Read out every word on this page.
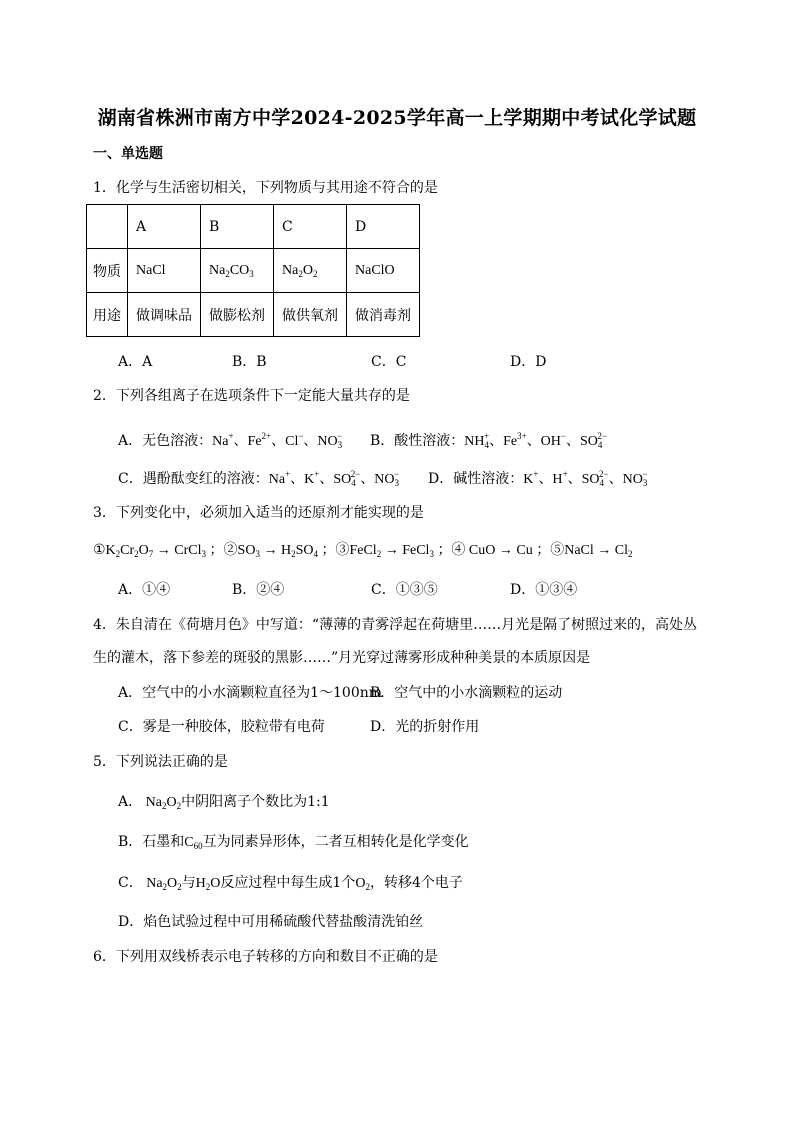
湖南省株洲市南方中学2024-2025学年高一上学期期中考试化学试题
一、单选题
1．化学与生活密切相关，下列物质与其用途不符合的是
	A	B	C	D
物质	NaCl	$Na_2CO_3$	$Na_2O_2$	NaClO
用途	做调味品	做膨松剂	做供氧剂	做消毒剂
A．A	B．B	C．C	D．D
2．下列各组离子在选项条件下一定能大量共存的是
A．无色溶液：Na+、$Fe^{2+}$、Cl−、$NO_3^-$ B．酸性溶液：$NH_4^+$、$Fe^{3+}$、OH−、$SO_4^{2-}$
C．遇酚酞变红的溶液：Na+、K+、$SO_4^{2-}$、$NO_3^-$ D．碱性溶液：K+、H+、$SO_4^{2-}$、$NO_3^-$
3．下列变化中，必须加入适当的还原剂才能实现的是
$①K_2Cr_2O_7$ → CrCl$_3$ ；$②SO_3 \to H_2SO_4$ ；③FeCl$_2$ → FeCl$_3$ ；④ CuO → Cu ；⑤NaCl → $Cl_2$
A．①④	B．②④	C．①③⑤	D．①③④
4．朱自清在《荷塘月色》中写道：“薄薄的青雾浮起在荷塘里……月光是隔了树照过来的，高处丛
生的灌木，落下参差的斑驳的黑影……”月光穿过薄雾形成种种美景的本质原因是
A．空气中的小水滴颗粒直径为1～100nm
B．空气中的小水滴颗粒的运动
C．雾是一种胶体，胶粒带有电荷	D．光的折射作用
5．下列说法正确的是
A． $Na_2O_2$中阴阳离子个数比为1:1
B．石墨和$C_{60}$互为同素异形体，二者互相转化是化学变化
C． $Na_2O_2$与$H_2O$反应过程中每生成1个$O_2$，转移4个电子
D．焰色试验过程中可用稀硫酸代替盐酸清洗铂丝
6．下列用双线桥表示电子转移的方向和数目不正确的是
